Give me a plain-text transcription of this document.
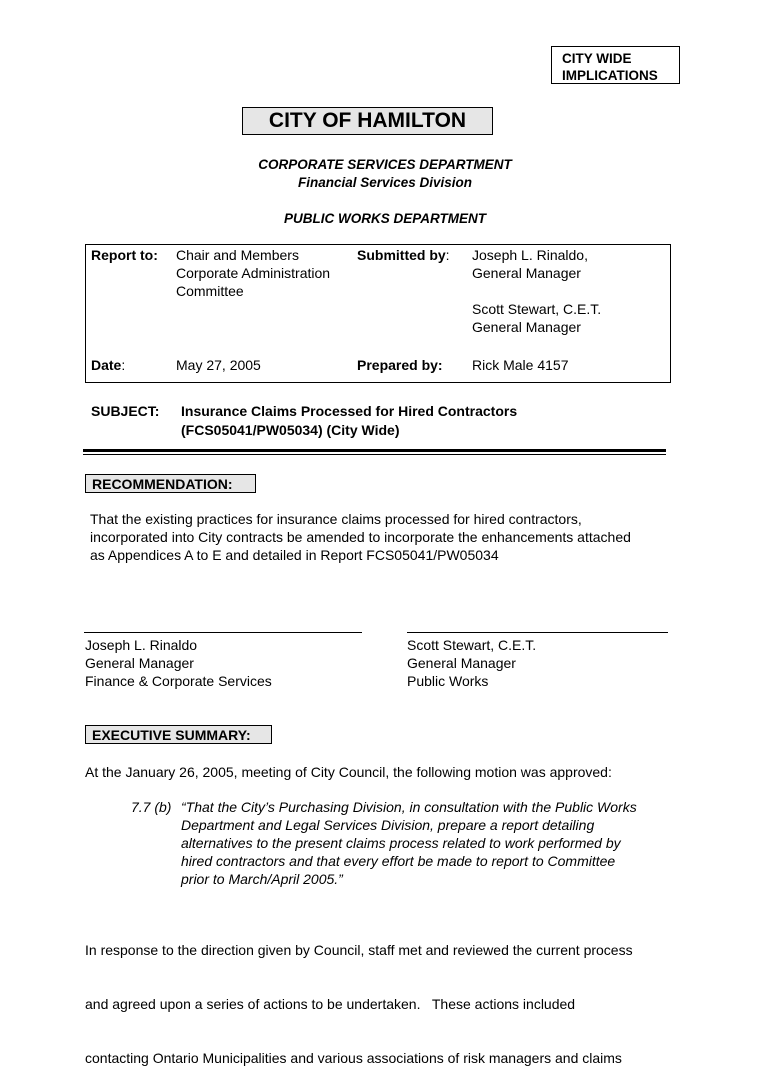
CITY WIDE
IMPLICATIONS
CITY OF HAMILTON
CORPORATE SERVICES DEPARTMENT
Financial Services Division
PUBLIC WORKS DEPARTMENT
Report to: Chair and Members
Corporate Administration
Committee
Submitted by: Joseph L. Rinaldo,
General Manager
Scott Stewart, C.E.T.
General Manager
Date:	May 27, 2005	Prepared by: Rick Male 4157
SUBJECT: Insurance Claims Processed for Hired Contractors
(FCS05041/PW05034) (City Wide)
RECOMMENDATION:
That the existing practices for insurance claims processed for hired contractors,
incorporated into City contracts be amended to incorporate the enhancements attached
as Appendices A to E and detailed in Report FCS05041/PW05034
Joseph L. Rinaldo
General Manager
Finance & Corporate Services
Scott Stewart, C.E.T.
General Manager
Public Works
EXECUTIVE SUMMARY:
At the January 26, 2005, meeting of City Council, the following motion was approved:
7.7 (b) “That the City’s Purchasing Division, in consultation with the Public Works
Department and Legal Services Division, prepare a report detailing
alternatives to the present claims process related to work performed by
hired contractors and that every effort be made to report to Committee
prior to March/April 2005.”

In response to the direction given by Council, staff met and reviewed the current process

and agreed upon a series of actions to be undertaken.   These actions included

contacting Ontario Municipalities and various associations of risk managers and claims
